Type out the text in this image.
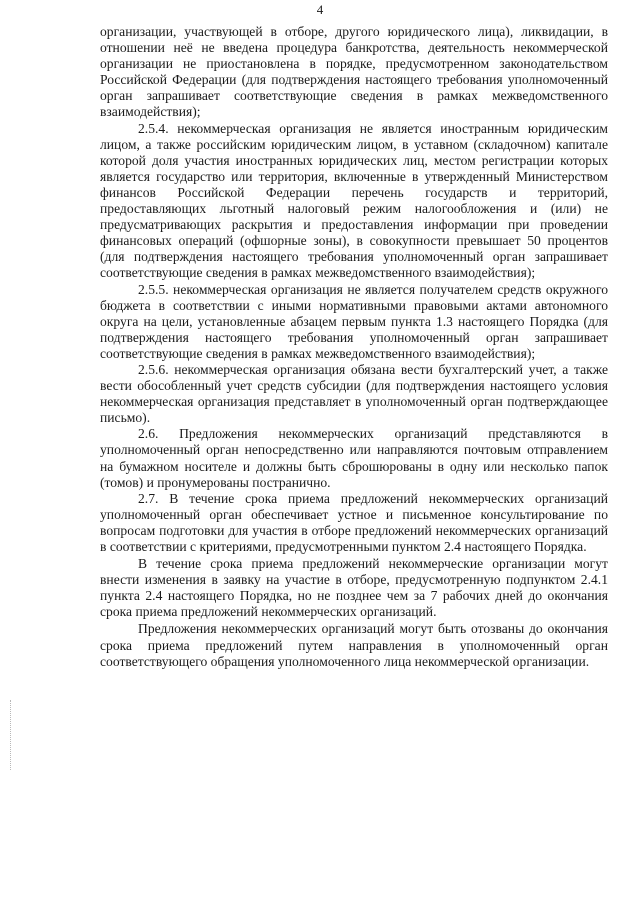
4

организации, участвующей в отборе, другого юридического лица), ликвидации, в отношении неё не введена процедура банкротства, деятельность некоммерческой организации не приостановлена в порядке, предусмотренном законодательством Российской Федерации (для подтверждения настоящего требования уполномоченный орган запрашивает соответствующие сведения в рамках межведомственного взаимодействия);

2.5.4. некоммерческая организация не является иностранным юридическим лицом, а также российским юридическим лицом, в уставном (складочном) капитале которой доля участия иностранных юридических лиц, местом регистрации которых является государство или территория, включенные в утвержденный Министерством финансов Российской Федерации перечень государств и территорий, предоставляющих льготный налоговый режим налогообложения и (или) не предусматривающих раскрытия и предоставления информации при проведении финансовых операций (офшорные зоны), в совокупности превышает 50 процентов (для подтверждения настоящего требования уполномоченный орган запрашивает соответствующие сведения в рамках межведомственного взаимодействия);

2.5.5. некоммерческая организация не является получателем средств окружного бюджета в соответствии с иными нормативными правовыми актами автономного округа на цели, установленные абзацем первым пункта 1.3 настоящего Порядка (для подтверждения настоящего требования уполномоченный орган запрашивает соответствующие сведения в рамках межведомственного взаимодействия);

2.5.6. некоммерческая организация обязана вести бухгалтерский учет, а также вести обособленный учет средств субсидии (для подтверждения настоящего условия некоммерческая организация представляет в уполномоченный орган подтверждающее письмо).

2.6. Предложения некоммерческих организаций представляются в уполномоченный орган непосредственно или направляются почтовым отправлением на бумажном носителе и должны быть сброшюрованы в одну или несколько папок (томов) и пронумерованы постранично.

2.7. В течение срока приема предложений некоммерческих организаций уполномоченный орган обеспечивает устное и письменное консультирование по вопросам подготовки для участия в отборе предложений некоммерческих организаций в соответствии с критериями, предусмотренными пунктом 2.4 настоящего Порядка.

В течение срока приема предложений некоммерческие организации могут внести изменения в заявку на участие в отборе, предусмотренную подпунктом 2.4.1 пункта 2.4 настоящего Порядка, но не позднее чем за 7 рабочих дней до окончания срока приема предложений некоммерческих организаций.

Предложения некоммерческих организаций могут быть отозваны до окончания срока приема предложений путем направления в уполномоченный орган соответствующего обращения уполномоченного лица некоммерческой организации.
